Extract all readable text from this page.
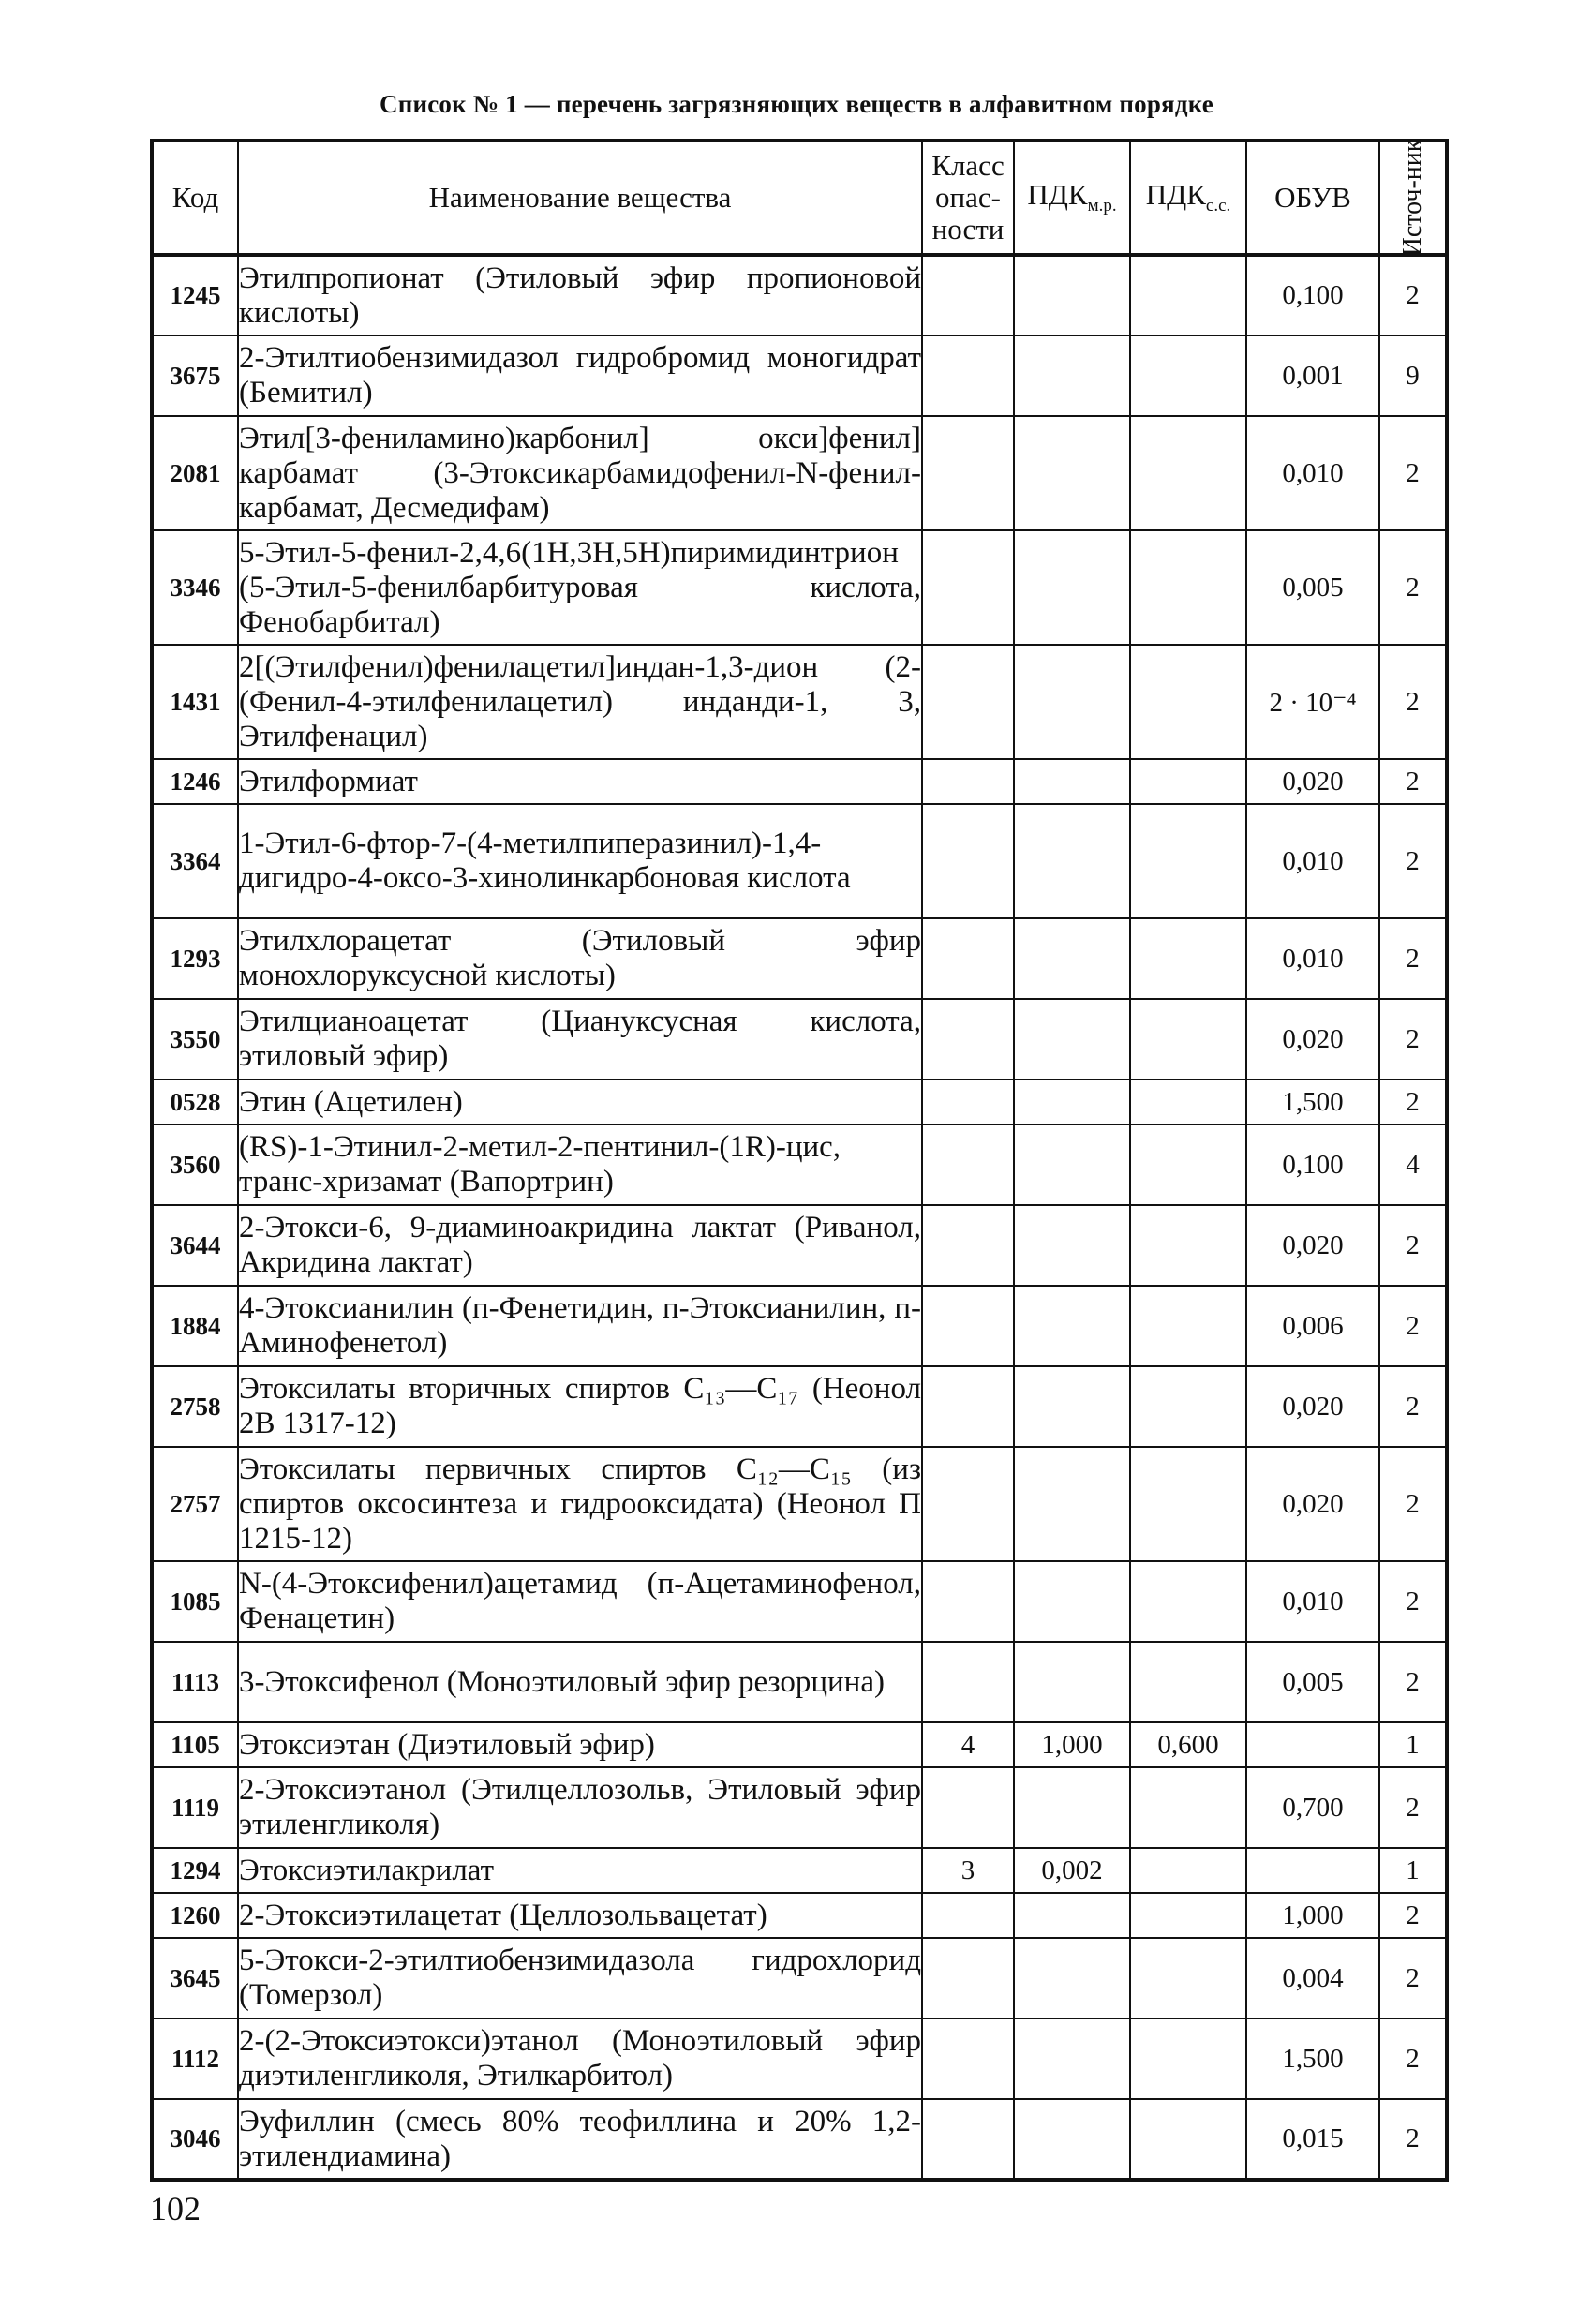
Список № 1 — перечень загрязняющих веществ в алфавитном порядке
Код	Наименование вещества	Класс опас-ности	$ПДК_{м.р.}$	$ПДК_{с.с.}$	ОБУВ	Источ-ник

1245	Этилпропионат (Этиловый эфир пропионовой кислоты)				0,100	2
3675	2-Этилтиобензимидазол гидробромид моногидрат (Бемитил)				0,001	9
2081	Этил[3-фениламино)карбонил] окси]фенил] карбамат (3-Этоксикарбамидофенил-N-фенил-карбамат, Десмедифам)				0,010	2
3346	5-Этил-5-фенил-2,4,6(1H,3H,5H)пиримидинтрион (5-Этил-5-фенилбарбитуровая кислота, Фенобарбитал)				0,005	2
1431	2[(Этилфенил)фенилацетил]индан-1,3-дион (2-(Фенил-4-этилфенилацетил) инданди-1, 3, Этилфенацил)				2 · 10⁻⁴	2
1246	Этилформиат				0,020	2
3364	1-Этил-6-фтор-7-(4-метилпиперазинил)-1,4-дигидро-4-оксо-3-хинолинкарбоновая кислота				0,010	2
1293	Этилхлорацетат (Этиловый эфир монохлоруксусной кислоты)				0,010	2
3550	Этилцианоацетат (Циануксусная кислота, этиловый эфир)				0,020	2
0528	Этин (Ацетилен)				1,500	2
3560	(RS)-1-Этинил-2-метил-2-пентинил-(1R)-цис, транс-хризамат (Вапортрин)				0,100	4
3644	2-Этокси-6, 9-диаминоакридина лактат (Риванол, Акридина лактат)				0,020	2
1884	4-Этоксианилин (п-Фенетидин, п-Этоксианилин, п-Аминофенетол)				0,006	2
2758	Этоксилаты вторичных спиртов C₁₃—C₁₇ (Неонол 2В 1317-12)				0,020	2
2757	Этоксилаты первичных спиртов C₁₂—C₁₅ (из спиртов оксосинтеза и гидрооксидата) (Неонол П 1215-12)				0,020	2
1085	N-(4-Этоксифенил)ацетамид (п-Ацетаминофенол, Фенацетин)				0,010	2
1113	3-Этоксифенол (Моноэтиловый эфир резорцина)				0,005	2
1105	Этоксиэтан (Диэтиловый эфир)	4	1,000	0,600		1
1119	2-Этоксиэтанол (Этилцеллозольв, Этиловый эфир этиленгликоля)				0,700	2
1294	Этоксиэтилакрилат	3	0,002			1
1260	2-Этоксиэтилацетат (Целлозольвацетат)				1,000	2
3645	5-Этокси-2-этилтиобензимидазола гидрохлорид (Томерзол)				0,004	2
1112	2-(2-Этоксиэтокси)этанол (Моноэтиловый эфир диэтиленгликоля, Этилкарбитол)				1,500	2
3046	Эуфиллин (смесь 80% теофиллина и 20% 1,2-этилендиамина)				0,015	2
102
